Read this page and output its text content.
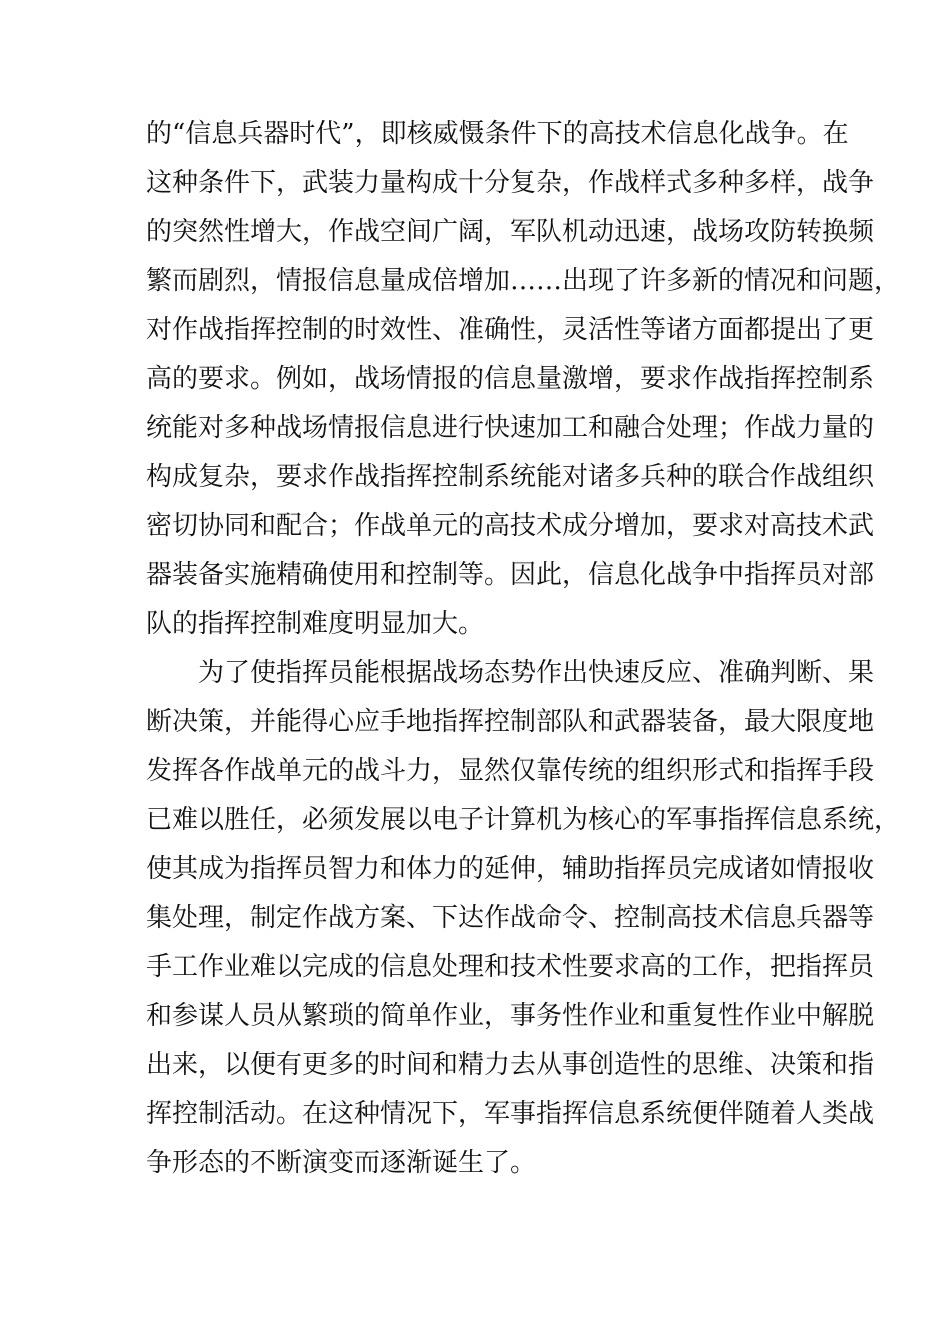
的“信息兵器时代”，即核威慑条件下的高技术信息化战争。在
这种条件下，武装力量构成十分复杂，作战样式多种多样，战争
的突然性增大，作战空间广阔，军队机动迅速，战场攻防转换频
繁而剧烈，情报信息量成倍增加……出现了许多新的情况和问题，
对作战指挥控制的时效性、准确性，灵活性等诸方面都提出了更
高的要求。例如，战场情报的信息量激增，要求作战指挥控制系
统能对多种战场情报信息进行快速加工和融合处理；作战力量的
构成复杂，要求作战指挥控制系统能对诸多兵种的联合作战组织
密切协同和配合；作战单元的高技术成分增加，要求对高技术武
器装备实施精确使用和控制等。因此，信息化战争中指挥员对部
队的指挥控制难度明显加大。
为了使指挥员能根据战场态势作出快速反应、准确判断、果
断决策，并能得心应手地指挥控制部队和武器装备，最大限度地
发挥各作战单元的战斗力，显然仅靠传统的组织形式和指挥手段
已难以胜任，必须发展以电子计算机为核心的军事指挥信息系统，
使其成为指挥员智力和体力的延伸，辅助指挥员完成诸如情报收
集处理，制定作战方案、下达作战命令、控制高技术信息兵器等
手工作业难以完成的信息处理和技术性要求高的工作，把指挥员
和参谋人员从繁琐的简单作业，事务性作业和重复性作业中解脱
出来，以便有更多的时间和精力去从事创造性的思维、决策和指
挥控制活动。在这种情况下，军事指挥信息系统便伴随着人类战
争形态的不断演变而逐渐诞生了。
